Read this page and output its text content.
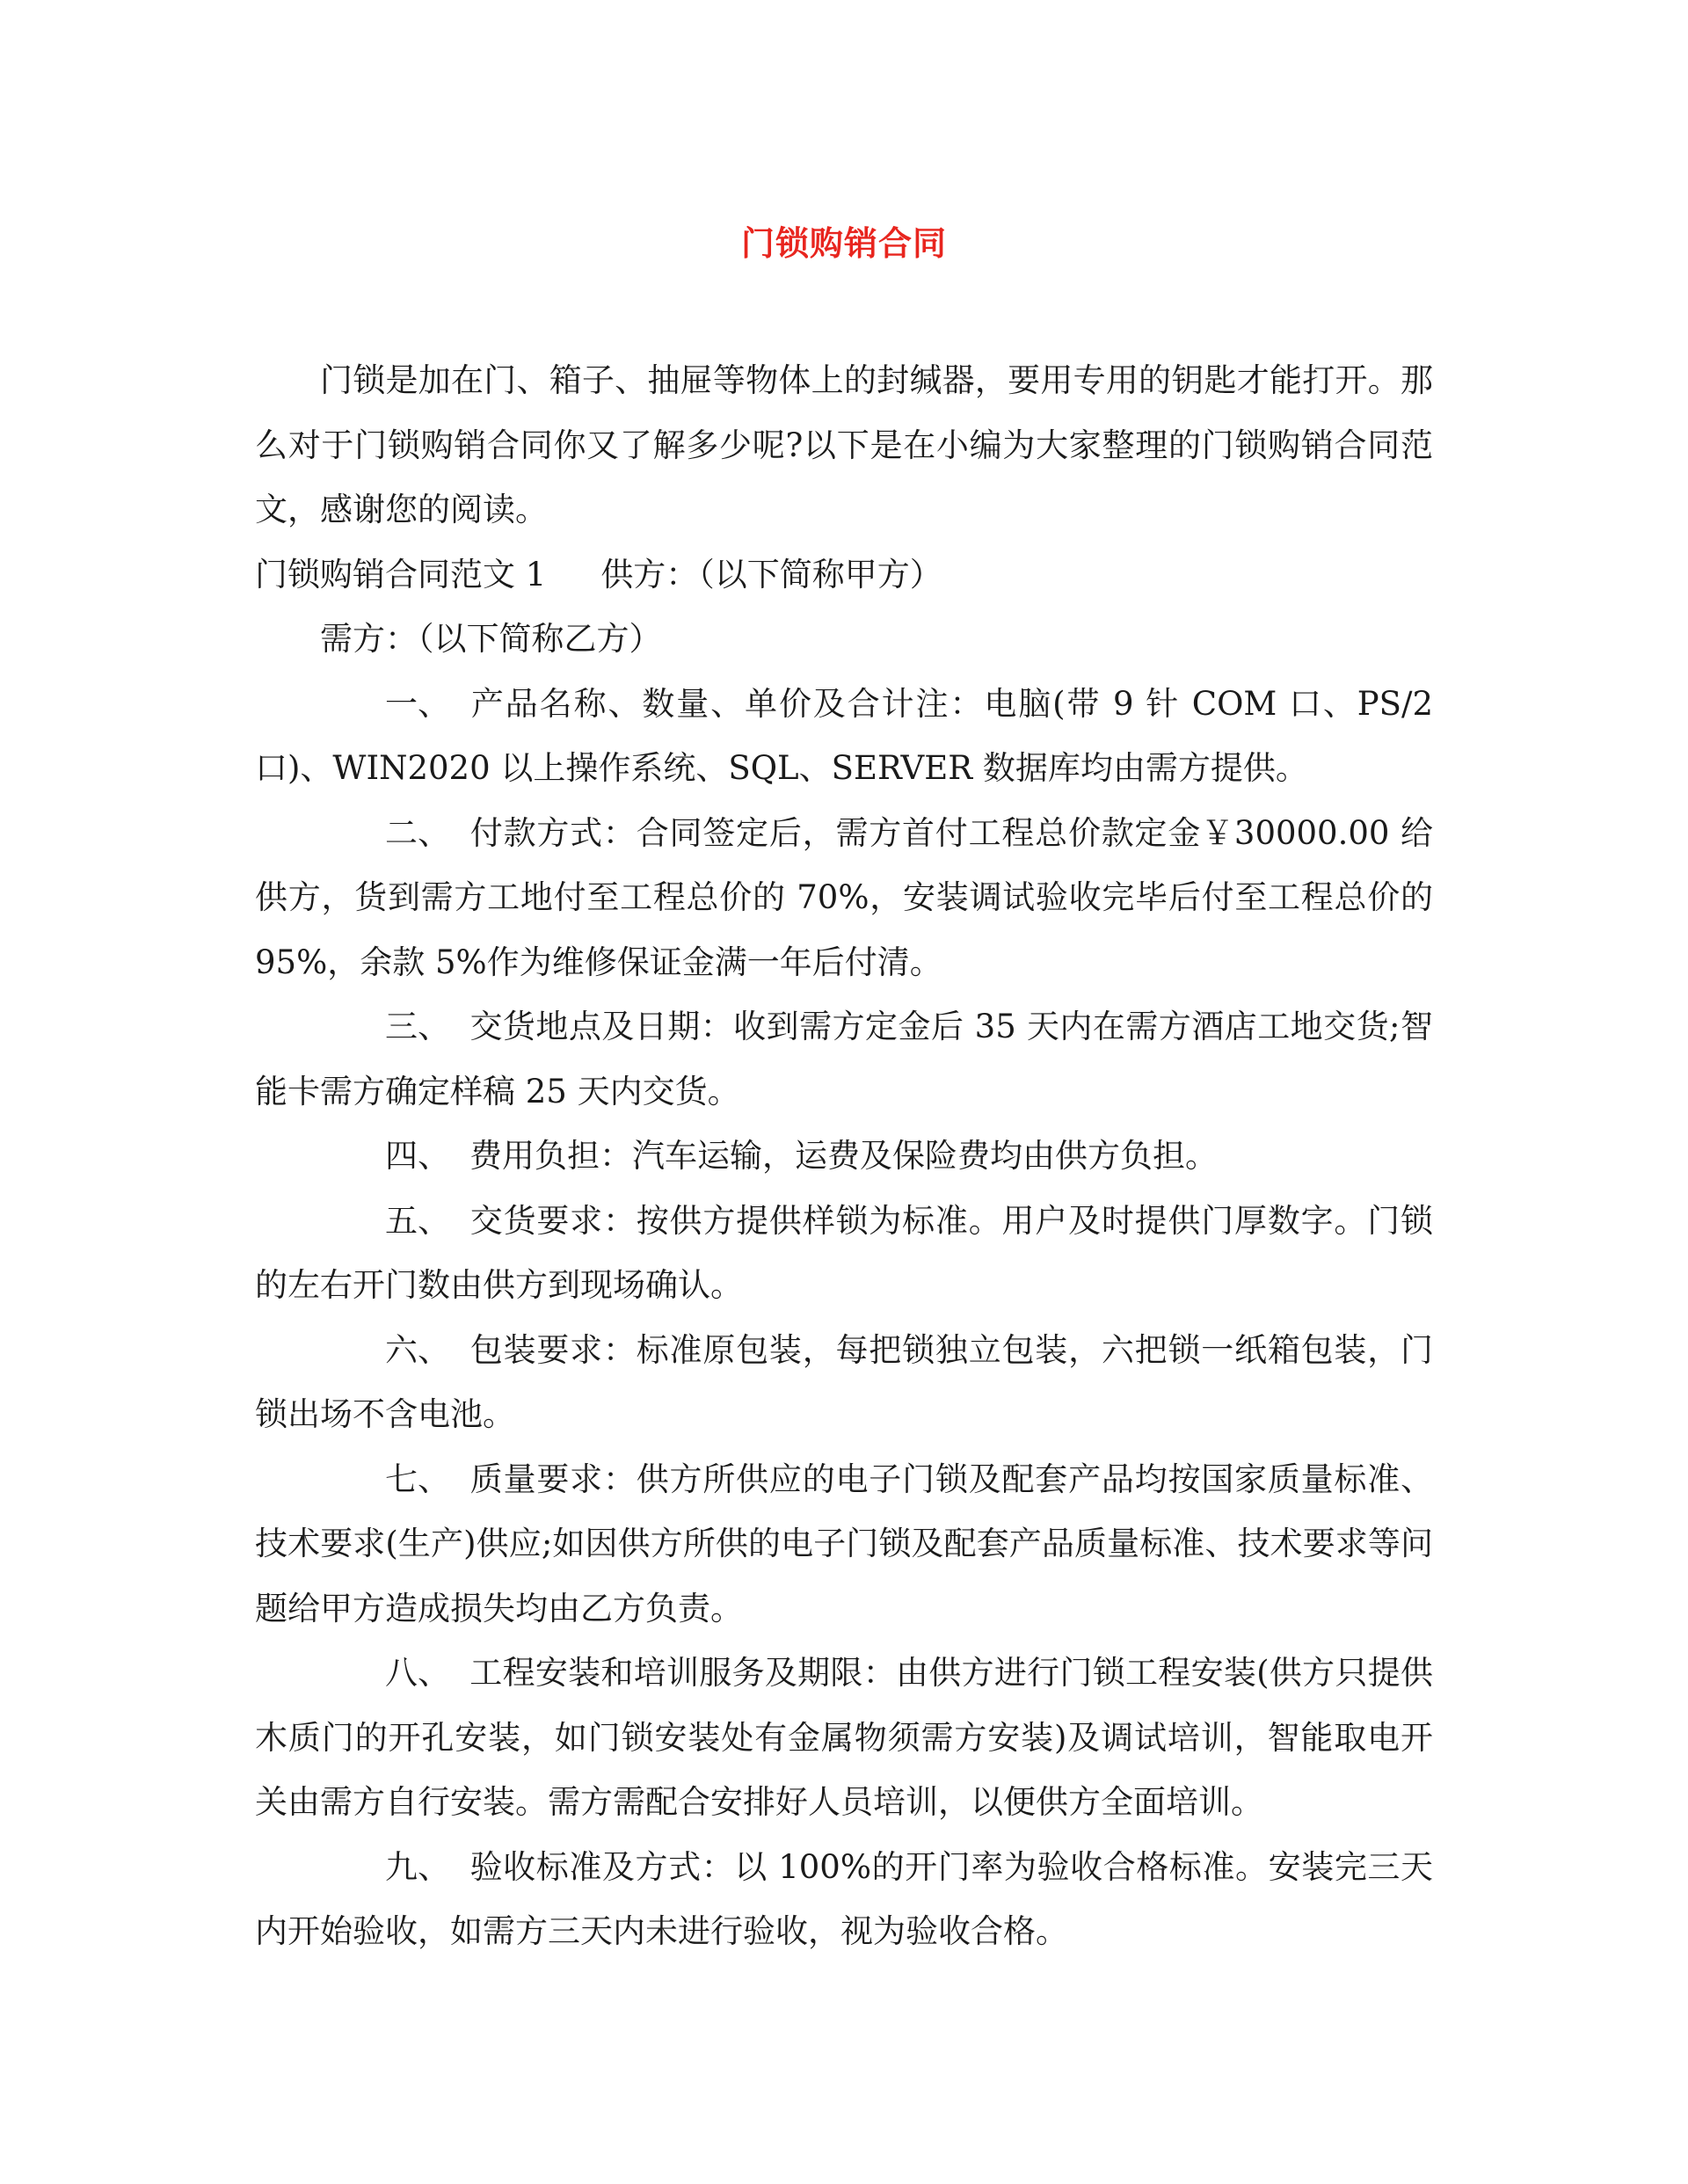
门锁购销合同

门锁是加在门、箱子、抽屉等物体上的封缄器，要用专用的钥匙才能打开。那么对于门锁购销合同你又了解多少呢?以下是在小编为大家整理的门锁购销合同范文，感谢您的阅读。

门锁购销合同范文 1 供方：（以下简称甲方）

需方：（以下简称乙方）

一、 产品名称、数量、单价及合计注：电脑(带 9 针 COM 口、PS/2 口)、WIN2020 以上操作系统、SQL、SERVER 数据库均由需方提供。

二、 付款方式：合同签定后，需方首付工程总价款定金￥30000.00 给供方，货到需方工地付至工程总价的 70%，安装调试验收完毕后付至工程总价的 95%，余款 5%作为维修保证金满一年后付清。

三、 交货地点及日期：收到需方定金后 35 天内在需方酒店工地交货;智能卡需方确定样稿 25 天内交货。

四、 费用负担：汽车运输，运费及保险费均由供方负担。

五、 交货要求：按供方提供样锁为标准。用户及时提供门厚数字。门锁的左右开门数由供方到现场确认。

六、 包装要求：标准原包装，每把锁独立包装，六把锁一纸箱包装，门锁出场不含电池。

七、 质量要求：供方所供应的电子门锁及配套产品均按国家质量标准、技术要求(生产)供应;如因供方所供的电子门锁及配套产品质量标准、技术要求等问题给甲方造成损失均由乙方负责。

八、 工程安装和培训服务及期限：由供方进行门锁工程安装(供方只提供木质门的开孔安装，如门锁安装处有金属物须需方安装)及调试培训，智能取电开关由需方自行安装。需方需配合安排好人员培训，以便供方全面培训。

九、 验收标准及方式：以 100%的开门率为验收合格标准。安装完三天内开始验收，如需方三天内未进行验收，视为验收合格。
